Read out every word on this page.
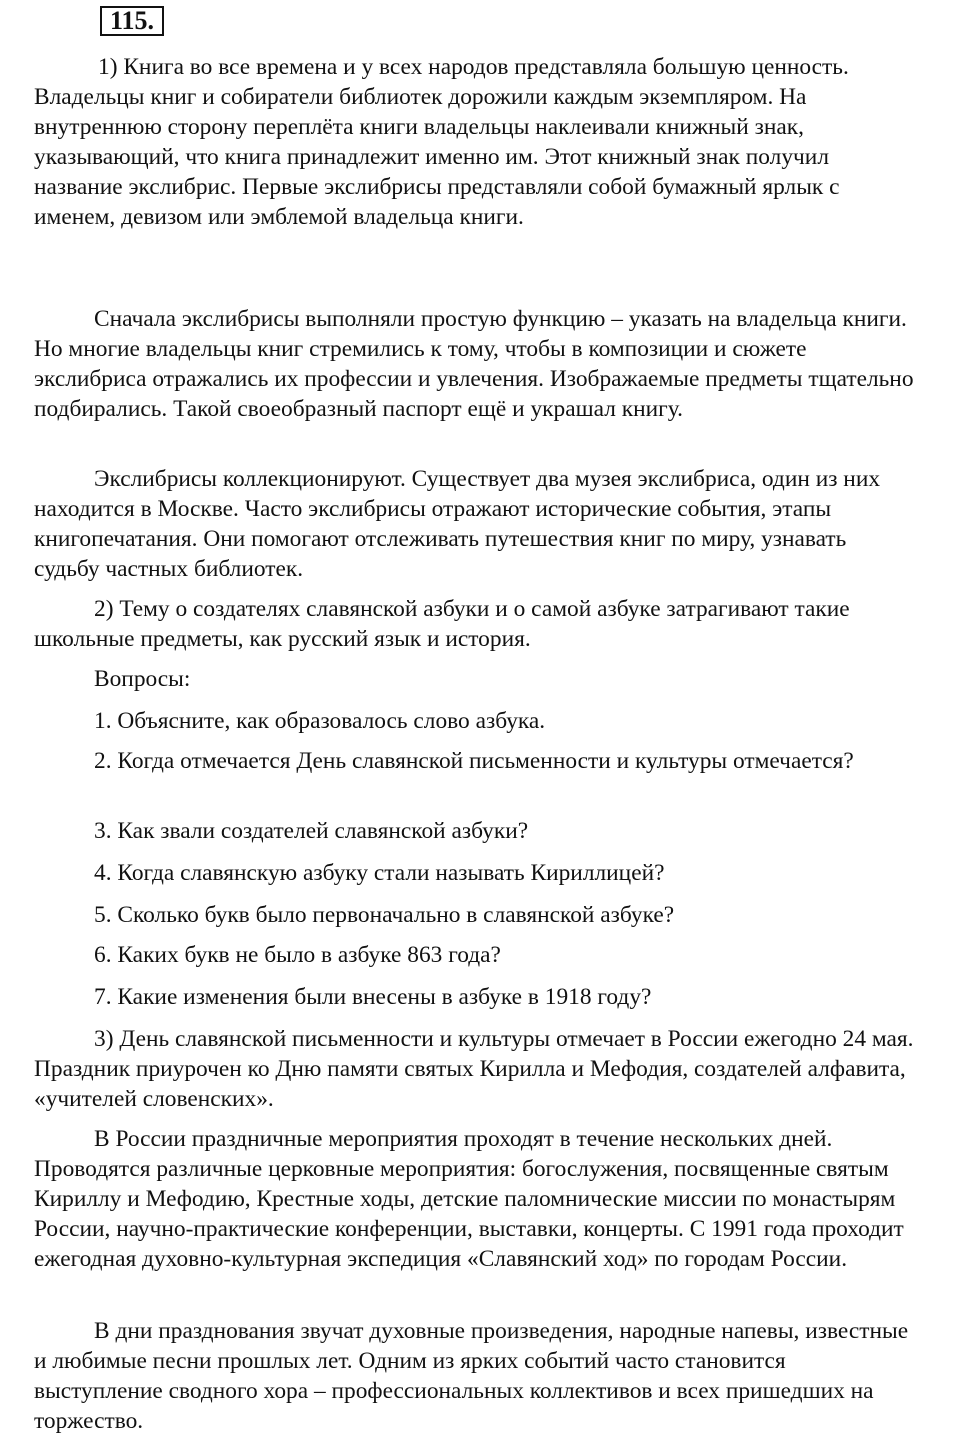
115.

1) Книга во все времена и у всех народов представляла большую ценность. Владельцы книг и собиратели библиотек дорожили каждым экземпляром. На внутреннюю сторону переплёта книги владельцы наклеивали книжный знак, указывающий, что книга принадлежит именно им. Этот книжный знак получил название экслибрис. Первые экслибрисы представляли собой бумажный ярлык с именем, девизом или эмблемой владельца книги.

Сначала экслибрисы выполняли простую функцию – указать на владельца книги. Но многие владельцы книг стремились к тому, чтобы в композиции и сюжете экслибриса отражались их профессии и увлечения. Изображаемые предметы тщательно подбирались. Такой своеобразный паспорт ещё и украшал книгу.

Экслибрисы коллекционируют. Существует два музея экслибриса, один из них находится в Москве. Часто экслибрисы отражают исторические события, этапы книгопечатания. Они помогают отслеживать путешествия книг по миру, узнавать судьбу частных библиотек.

2) Тему о создателях славянской азбуки и о самой азбуке затрагивают такие школьные предметы, как русский язык и история.

Вопросы:

1. Объясните, как образовалось слово азбука.

2. Когда отмечается День славянской письменности и культуры отмечается?

3. Как звали создателей славянской азбуки?

4. Когда славянскую азбуку стали называть Кириллицей?

5. Сколько букв было первоначально в славянской азбуке?

6. Каких букв не было в азбуке 863 года?

7. Какие изменения были внесены в азбуке в 1918 году?

3) День славянской письменности и культуры отмечает в России ежегодно 24 мая. Праздник приурочен ко Дню памяти святых Кирилла и Мефодия, создателей алфавита, «учителей словенских».

В России праздничные мероприятия проходят в течение нескольких дней. Проводятся различные церковные мероприятия: богослужения, посвященные святым Кириллу и Мефодию, Крестные ходы, детские паломнические миссии по монастырям России, научно-практические конференции, выставки, концерты. С 1991 года проходит ежегодная духовно-культурная экспедиция «Славянский ход» по городам России.

В дни празднования звучат духовные произведения, народные напевы, известные и любимые песни прошлых лет. Одним из ярких событий часто становится выступление сводного хора – профессиональных коллективов и всех пришедших на торжество.
